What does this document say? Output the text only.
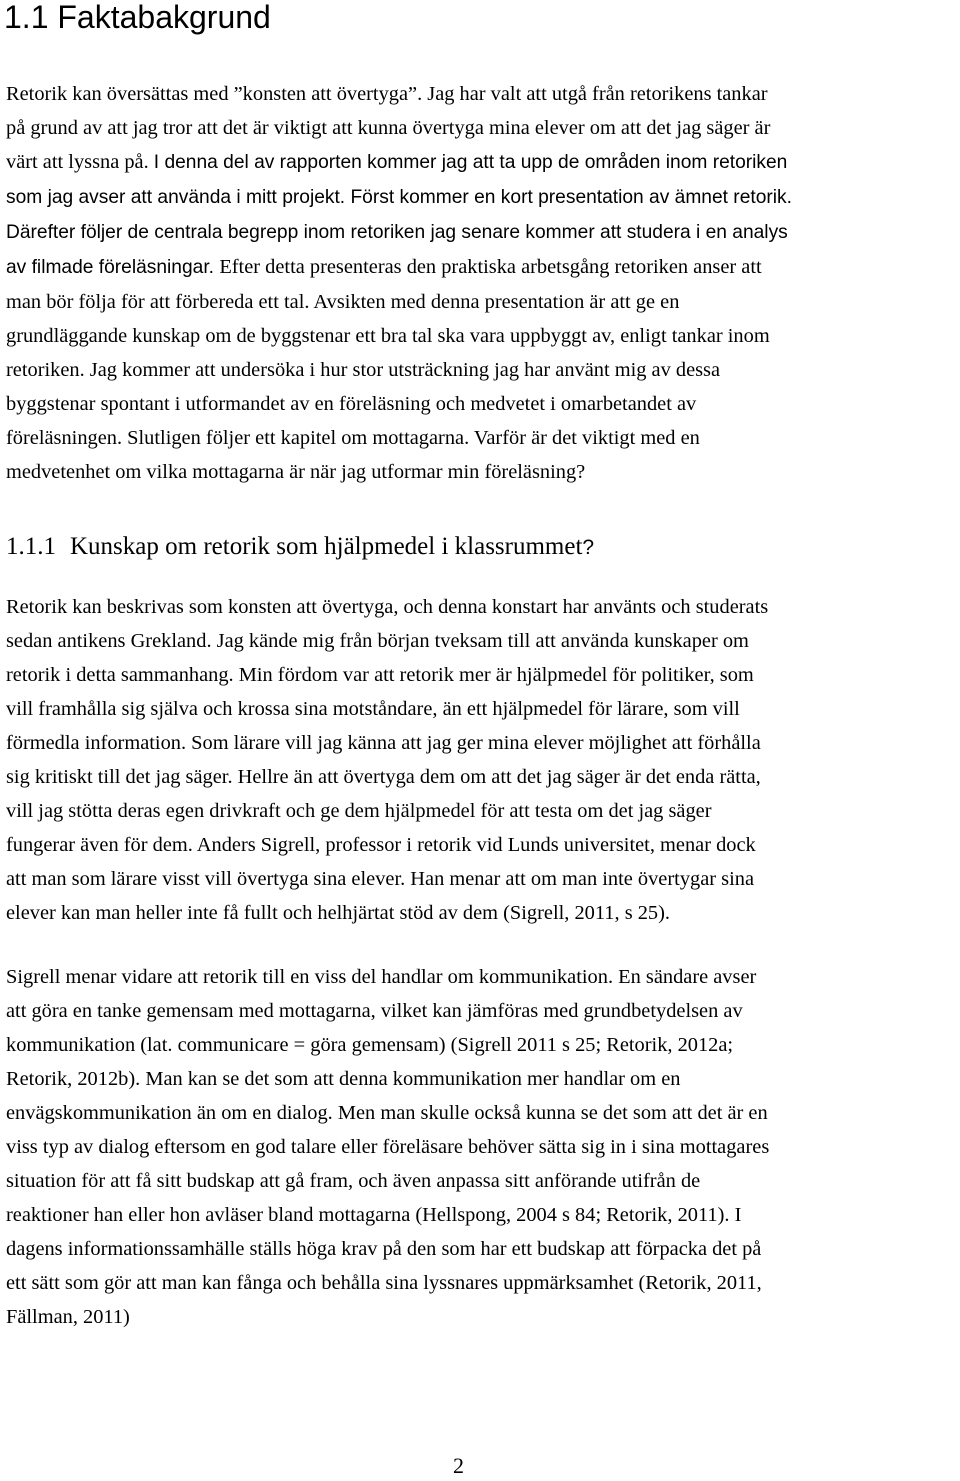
1.1 Faktabakgrund
Retorik kan översättas med ”konsten att övertyga”. Jag har valt att utgå från retorikens tankar
på grund av att jag tror att det är viktigt att kunna övertyga mina elever om att det jag säger är
värt att lyssna på. I denna del av rapporten kommer jag att ta upp de områden inom retoriken
som jag avser att använda i mitt projekt. Först kommer en kort presentation av ämnet retorik.
Därefter följer de centrala begrepp inom retoriken jag senare kommer att studera i en analys
av filmade föreläsningar. Efter detta presenteras den praktiska arbetsgång retoriken anser att
man bör följa för att förbereda ett tal. Avsikten med denna presentation är att ge en
grundläggande kunskap om de byggstenar ett bra tal ska vara uppbyggt av, enligt tankar inom
retoriken. Jag kommer att undersöka i hur stor utsträckning jag har använt mig av dessa
byggstenar spontant i utformandet av en föreläsning och medvetet i omarbetandet av
föreläsningen. Slutligen följer ett kapitel om mottagarna. Varför är det viktigt med en
medvetenhet om vilka mottagarna är när jag utformar min föreläsning?
1.1.1 Kunskap om retorik som hjälpmedel i klassrummet?
Retorik kan beskrivas som konsten att övertyga, och denna konstart har använts och studerats
sedan antikens Grekland. Jag kände mig från början tveksam till att använda kunskaper om
retorik i detta sammanhang. Min fördom var att retorik mer är hjälpmedel för politiker, som
vill framhålla sig själva och krossa sina motståndare, än ett hjälpmedel för lärare, som vill
förmedla information. Som lärare vill jag känna att jag ger mina elever möjlighet att förhålla
sig kritiskt till det jag säger. Hellre än att övertyga dem om att det jag säger är det enda rätta,
vill jag stötta deras egen drivkraft och ge dem hjälpmedel för att testa om det jag säger
fungerar även för dem. Anders Sigrell, professor i retorik vid Lunds universitet, menar dock
att man som lärare visst vill övertyga sina elever. Han menar att om man inte övertygar sina
elever kan man heller inte få fullt och helhjärtat stöd av dem (Sigrell, 2011, s 25).
Sigrell menar vidare att retorik till en viss del handlar om kommunikation. En sändare avser
att göra en tanke gemensam med mottagarna, vilket kan jämföras med grundbetydelsen av
kommunikation (lat. communicare = göra gemensam) (Sigrell 2011 s 25; Retorik, 2012a;
Retorik, 2012b). Man kan se det som att denna kommunikation mer handlar om en
envägskommunikation än om en dialog. Men man skulle också kunna se det som att det är en
viss typ av dialog eftersom en god talare eller föreläsare behöver sätta sig in i sina mottagares
situation för att få sitt budskap att gå fram, och även anpassa sitt anförande utifrån de
reaktioner han eller hon avläser bland mottagarna (Hellspong, 2004 s 84; Retorik, 2011). I
dagens informationssamhälle ställs höga krav på den som har ett budskap att förpacka det på
ett sätt som gör att man kan fånga och behålla sina lyssnares uppmärksamhet (Retorik, 2011,
Fällman, 2011)
2
